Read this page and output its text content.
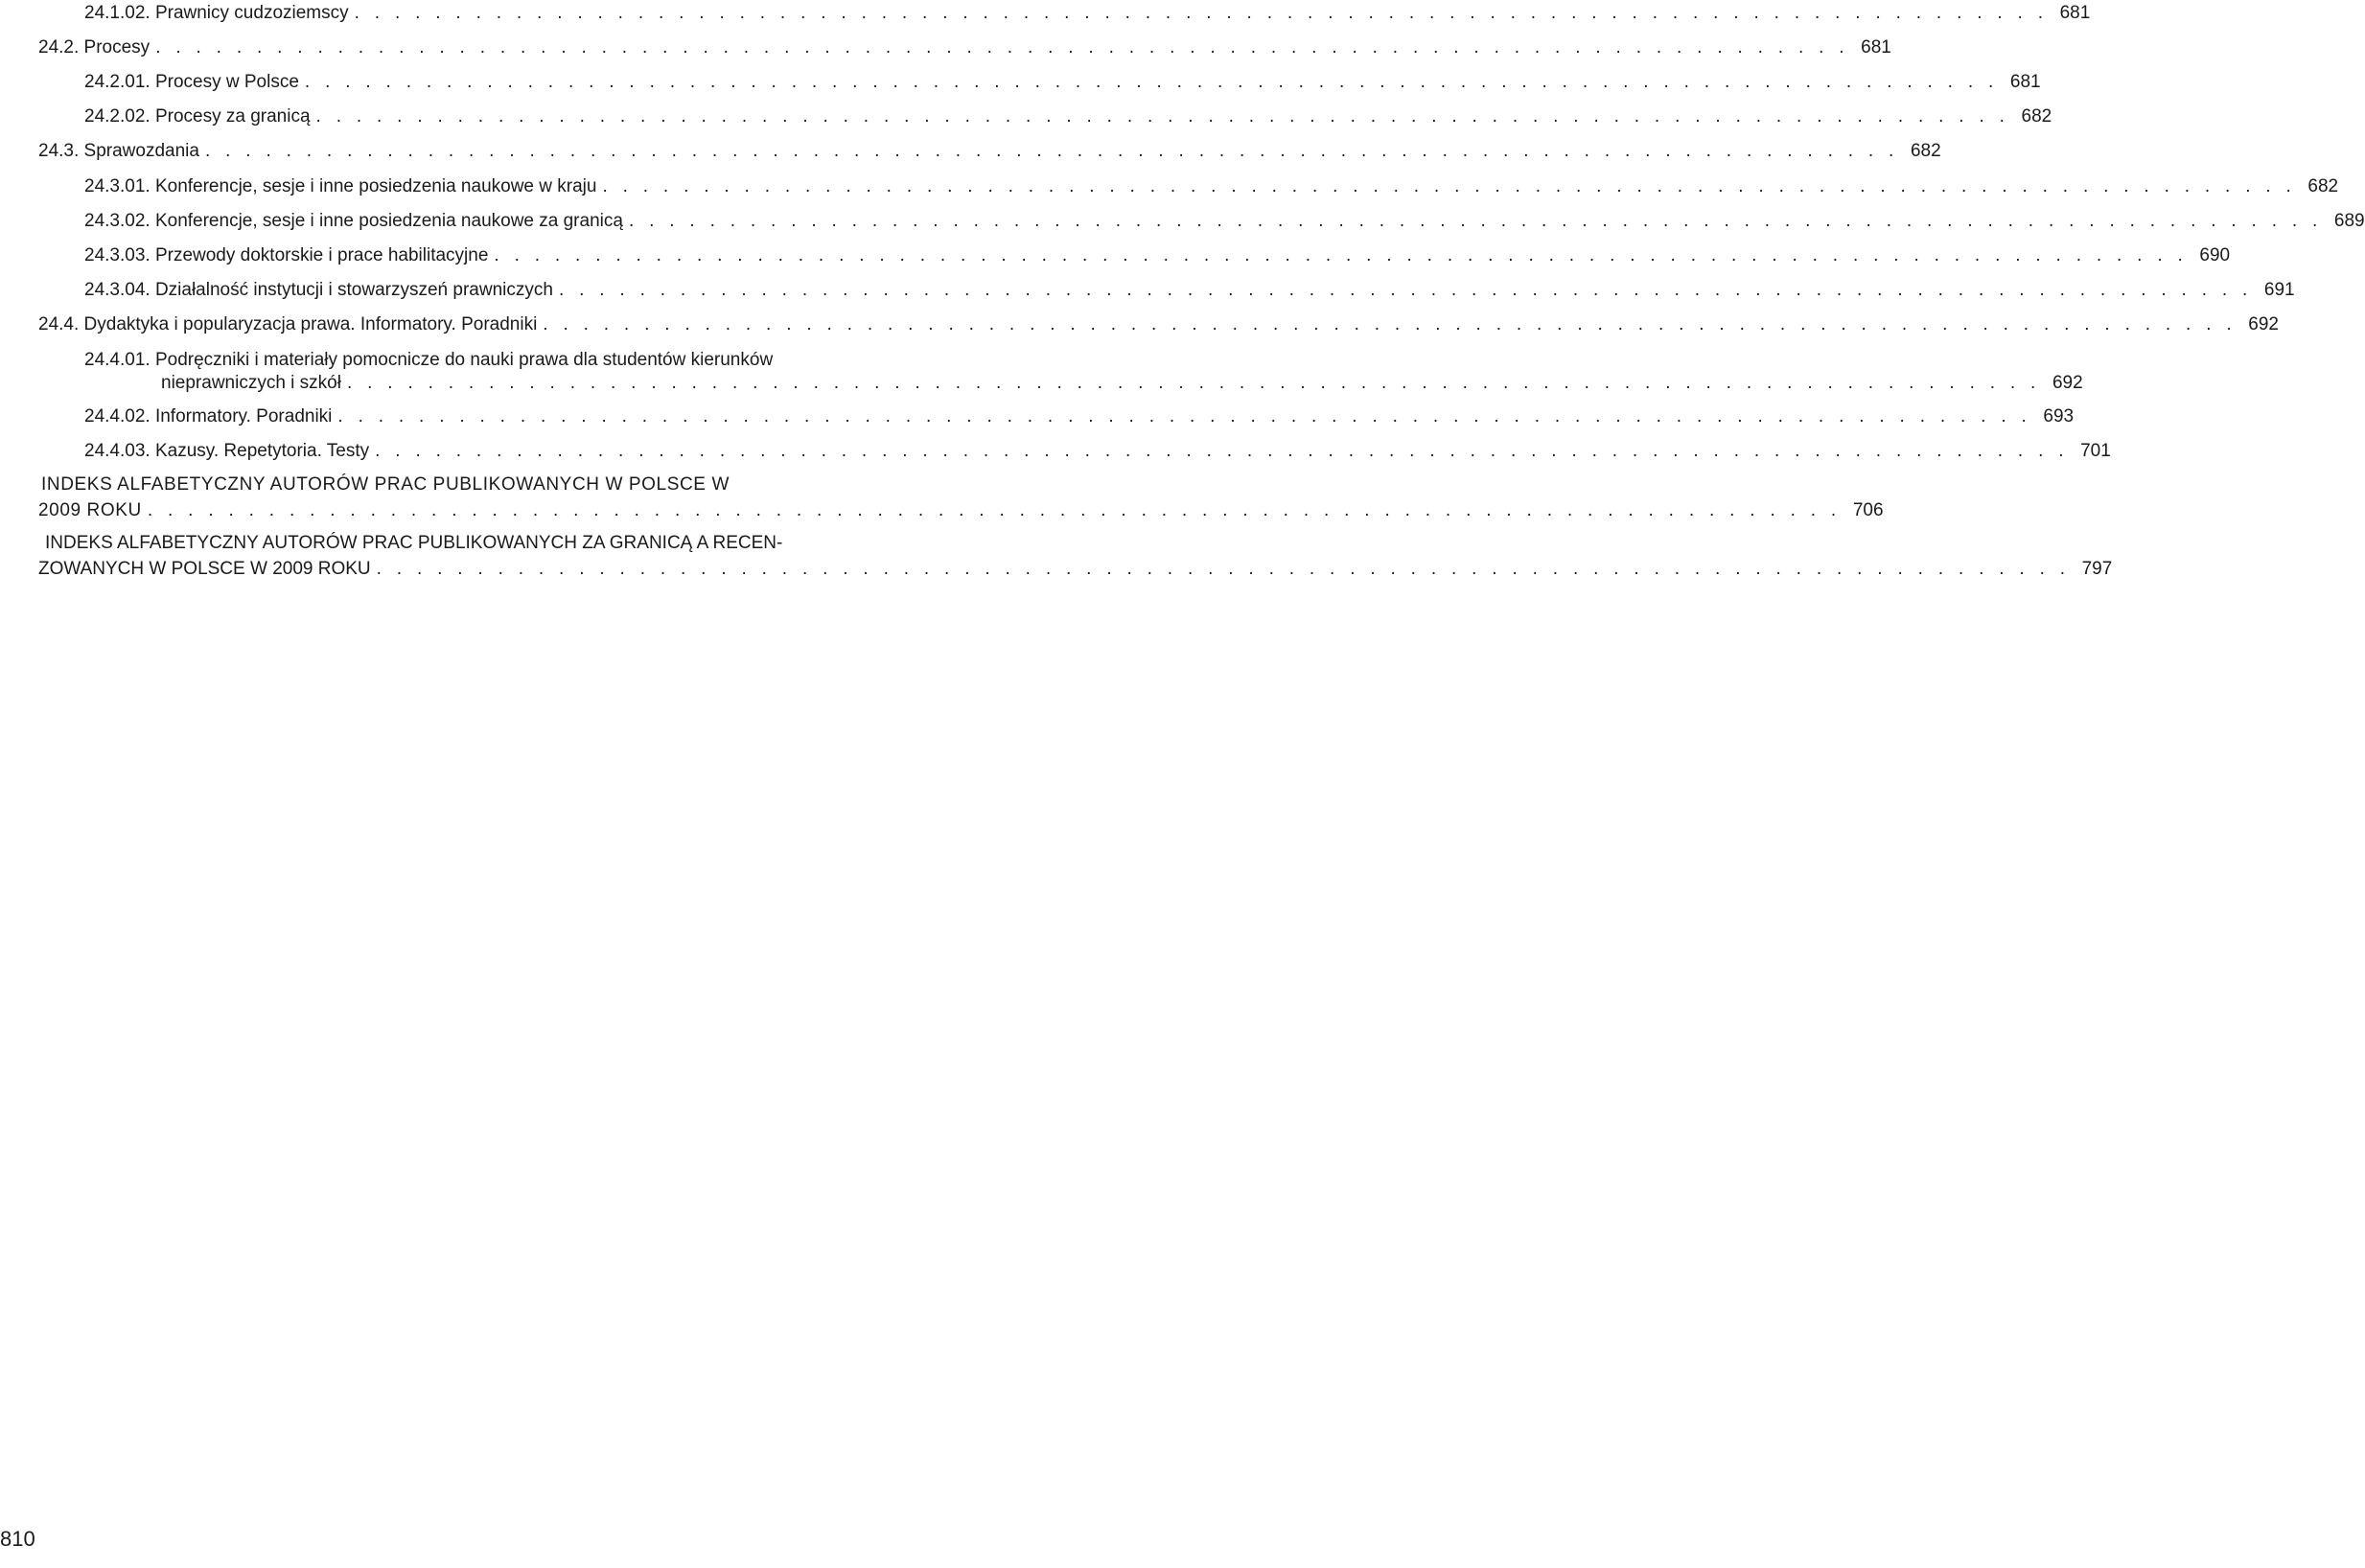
24.1.02.
Prawnicy cudzoziemscy . . . . . . . . . . . . . . . . . . . . . . . . . . . . . . . . . . . . . . . . . . . . . . . . . . . . . . . . . . . . . . . . . . . . . . . . . . . . . . . . . . . . 681
24.2.
Procesy . . . . . . . . . . . . . . . . . . . . . . . . . . . . . . . . . . . . . . . . . . . . . . . . . . . . . . . . . . . . . . . . . . . . . . . . . . . . . . . . . . . . 681
24.2.01.
Procesy w Polsce . . . . . . . . . . . . . . . . . . . . . . . . . . . . . . . . . . . . . . . . . . . . . . . . . . . . . . . . . . . . . . . . . . . . . . . . . . . . . . . . . . . . 681
24.2.02.
Procesy za granicą . . . . . . . . . . . . . . . . . . . . . . . . . . . . . . . . . . . . . . . . . . . . . . . . . . . . . . . . . . . . . . . . . . . . . . . . . . . . . . . . . . . . 682
24.3.
Sprawozdania . . . . . . . . . . . . . . . . . . . . . . . . . . . . . . . . . . . . . . . . . . . . . . . . . . . . . . . . . . . . . . . . . . . . . . . . . . . . . . . . . . . . 682
24.3.01.
Konferencje, sesje i inne posiedzenia naukowe w kraju . . . . . . . . . . . . . . . . . . . . . . . . . . . . . . . . . . . . . . . . . . . . . . . . . . . . . . . . . . . . . . . . . . . . . . . . . . . . . . . . . . . . 682
24.3.02.
Konferencje, sesje i inne posiedzenia naukowe za granicą . . . . . . . . . . . . . . . . . . . . . . . . . . . . . . . . . . . . . . . . . . . . . . . . . . . . . . . . . . . . . . . . . . . . . . . . . . . . . . . . . . . . 689
24.3.03.
Przewody doktorskie i prace habilitacyjne . . . . . . . . . . . . . . . . . . . . . . . . . . . . . . . . . . . . . . . . . . . . . . . . . . . . . . . . . . . . . . . . . . . . . . . . . . . . . . . . . . . . 690
24.3.04.
Działalność instytucji i stowarzyszeń prawniczych . . . . . . . . . . . . . . . . . . . . . . . . . . . . . . . . . . . . . . . . . . . . . . . . . . . . . . . . . . . . . . . . . . . . . . . . . . . . . . . . . . . . 691
24.4.
Dydaktyka i popularyzacja prawa. Informatory. Poradniki . . . . . . . . . . . . . . . . . . . . . . . . . . . . . . . . . . . . . . . . . . . . . . . . . . . . . . . . . . . . . . . . . . . . . . . . . . . . . . . . . . . . 692
24.4.01. Podręczniki i materiały pomocnicze do nauki prawa dla studentów kierunków
nieprawniczych i szkół . . . . . . . . . . . . . . . . . . . . . . . . . . . . . . . . . . . . . . . . . . . . . . . . . . . . . . . . . . . . . . . . . . . . . . . . . . . . . . . . . . . . 692
24.4.02.
Informatory. Poradniki . . . . . . . . . . . . . . . . . . . . . . . . . . . . . . . . . . . . . . . . . . . . . . . . . . . . . . . . . . . . . . . . . . . . . . . . . . . . . . . . . . . . 693
24.4.03.
Kazusy. Repetytoria. Testy . . . . . . . . . . . . . . . . . . . . . . . . . . . . . . . . . . . . . . . . . . . . . . . . . . . . . . . . . . . . . . . . . . . . . . . . . . . . . . . . . . . . 701
INDEKS ALFABETYCZNY AUTORÓW PRAC PUBLIKOWANYCH W POLSCE W
2009 ROKU . . . . . . . . . . . . . . . . . . . . . . . . . . . . . . . . . . . . . . . . . . . . . . . . . . . . . . . . . . . . . . . . . . . . . . . . . . . . . . . . . . . . 706
INDEKS ALFABETYCZNY AUTORÓW PRAC PUBLIKOWANYCH ZA GRANICĄ A RECEN-
ZOWANYCH W POLSCE W 2009 ROKU . . . . . . . . . . . . . . . . . . . . . . . . . . . . . . . . . . . . . . . . . . . . . . . . . . . . . . . . . . . . . . . . . . . . . . . . . . . . . . . . . . . . 797
810
